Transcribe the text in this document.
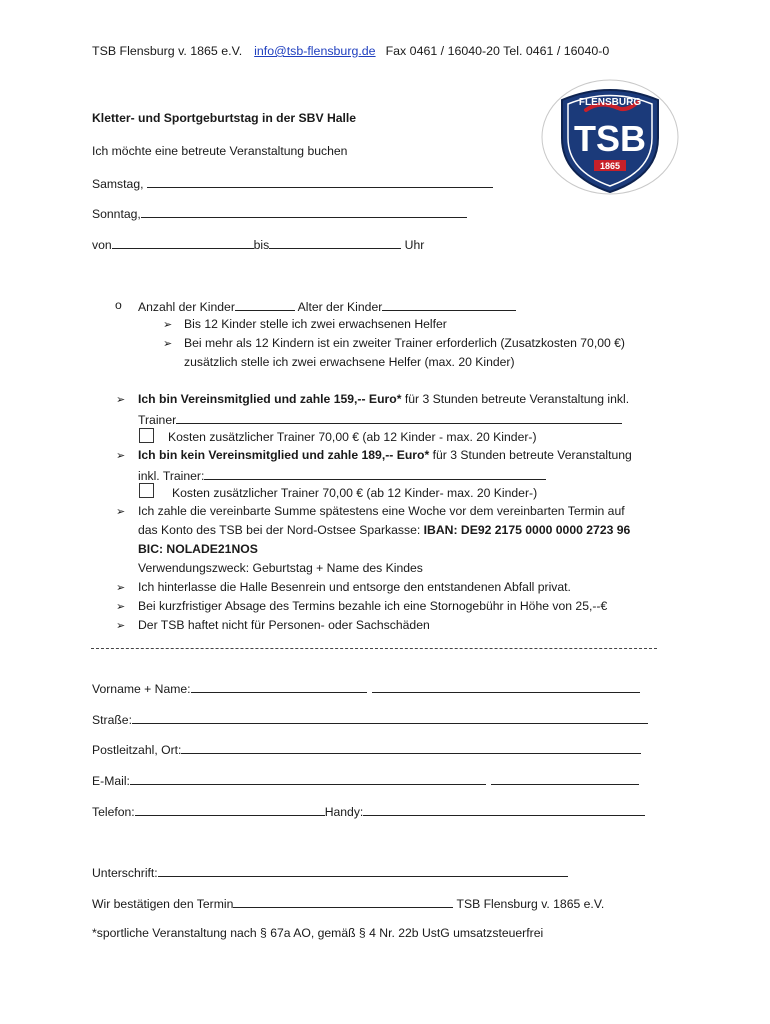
TSB Flensburg v. 1865 e.V. info@tsb-flensburg.de Fax 0461 / 16040-20 Tel. 0461 / 16040-0
FLENSBURG
TSB
1865
Kletter- und Sportgeburtstag in der SBV Halle
Ich möchte eine betreute Veranstaltung buchen
Samstag,
Sonntag,
von	bis	Uhr
o Anzahl der Kinder	Alter der Kinder
➢ Bis 12 Kinder stelle ich zwei erwachsenen Helfer
➢ Bei mehr als 12 Kindern ist ein zweiter Trainer erforderlich (Zusatzkosten 70,00 €)
zusätzlich stelle ich zwei erwachsene Helfer (max. 20 Kinder)
➢ Ich bin Vereinsmitglied und zahle 159,-- Euro* für 3 Stunden betreute Veranstaltung inkl.
Trainer
Kosten zusätzlicher Trainer 70,00 € (ab 12 Kinder - max. 20 Kinder-)
➢ Ich bin kein Vereinsmitglied und zahle 189,-- Euro* für 3 Stunden betreute Veranstaltung
inkl. Trainer:
Kosten zusätzlicher Trainer 70,00 € (ab 12 Kinder- max. 20 Kinder-)
➢ Ich zahle die vereinbarte Summe spätestens eine Woche vor dem vereinbarten Termin auf
das Konto des TSB bei der Nord-Ostsee Sparkasse: IBAN: DE92 2175 0000 0000 2723 96
BIC: NOLADE21NOS
Verwendungszweck: Geburtstag + Name des Kindes
➢ Ich hinterlasse die Halle Besenrein und entsorge den entstandenen Abfall privat.
➢ Bei kurzfristiger Absage des Termins bezahle ich eine Stornogebühr in Höhe von 25,--€
➢ Der TSB haftet nicht für Personen- oder Sachschäden
Vorname + Name:
Straße:
Postleitzahl, Ort:
E-Mail:
Telefon:	Handy:
Unterschrift:
Wir bestätigen den Termin	TSB Flensburg v. 1865 e.V.
*sportliche Veranstaltung nach § 67a AO, gemäß § 4 Nr. 22b UstG umsatzsteuerfrei
